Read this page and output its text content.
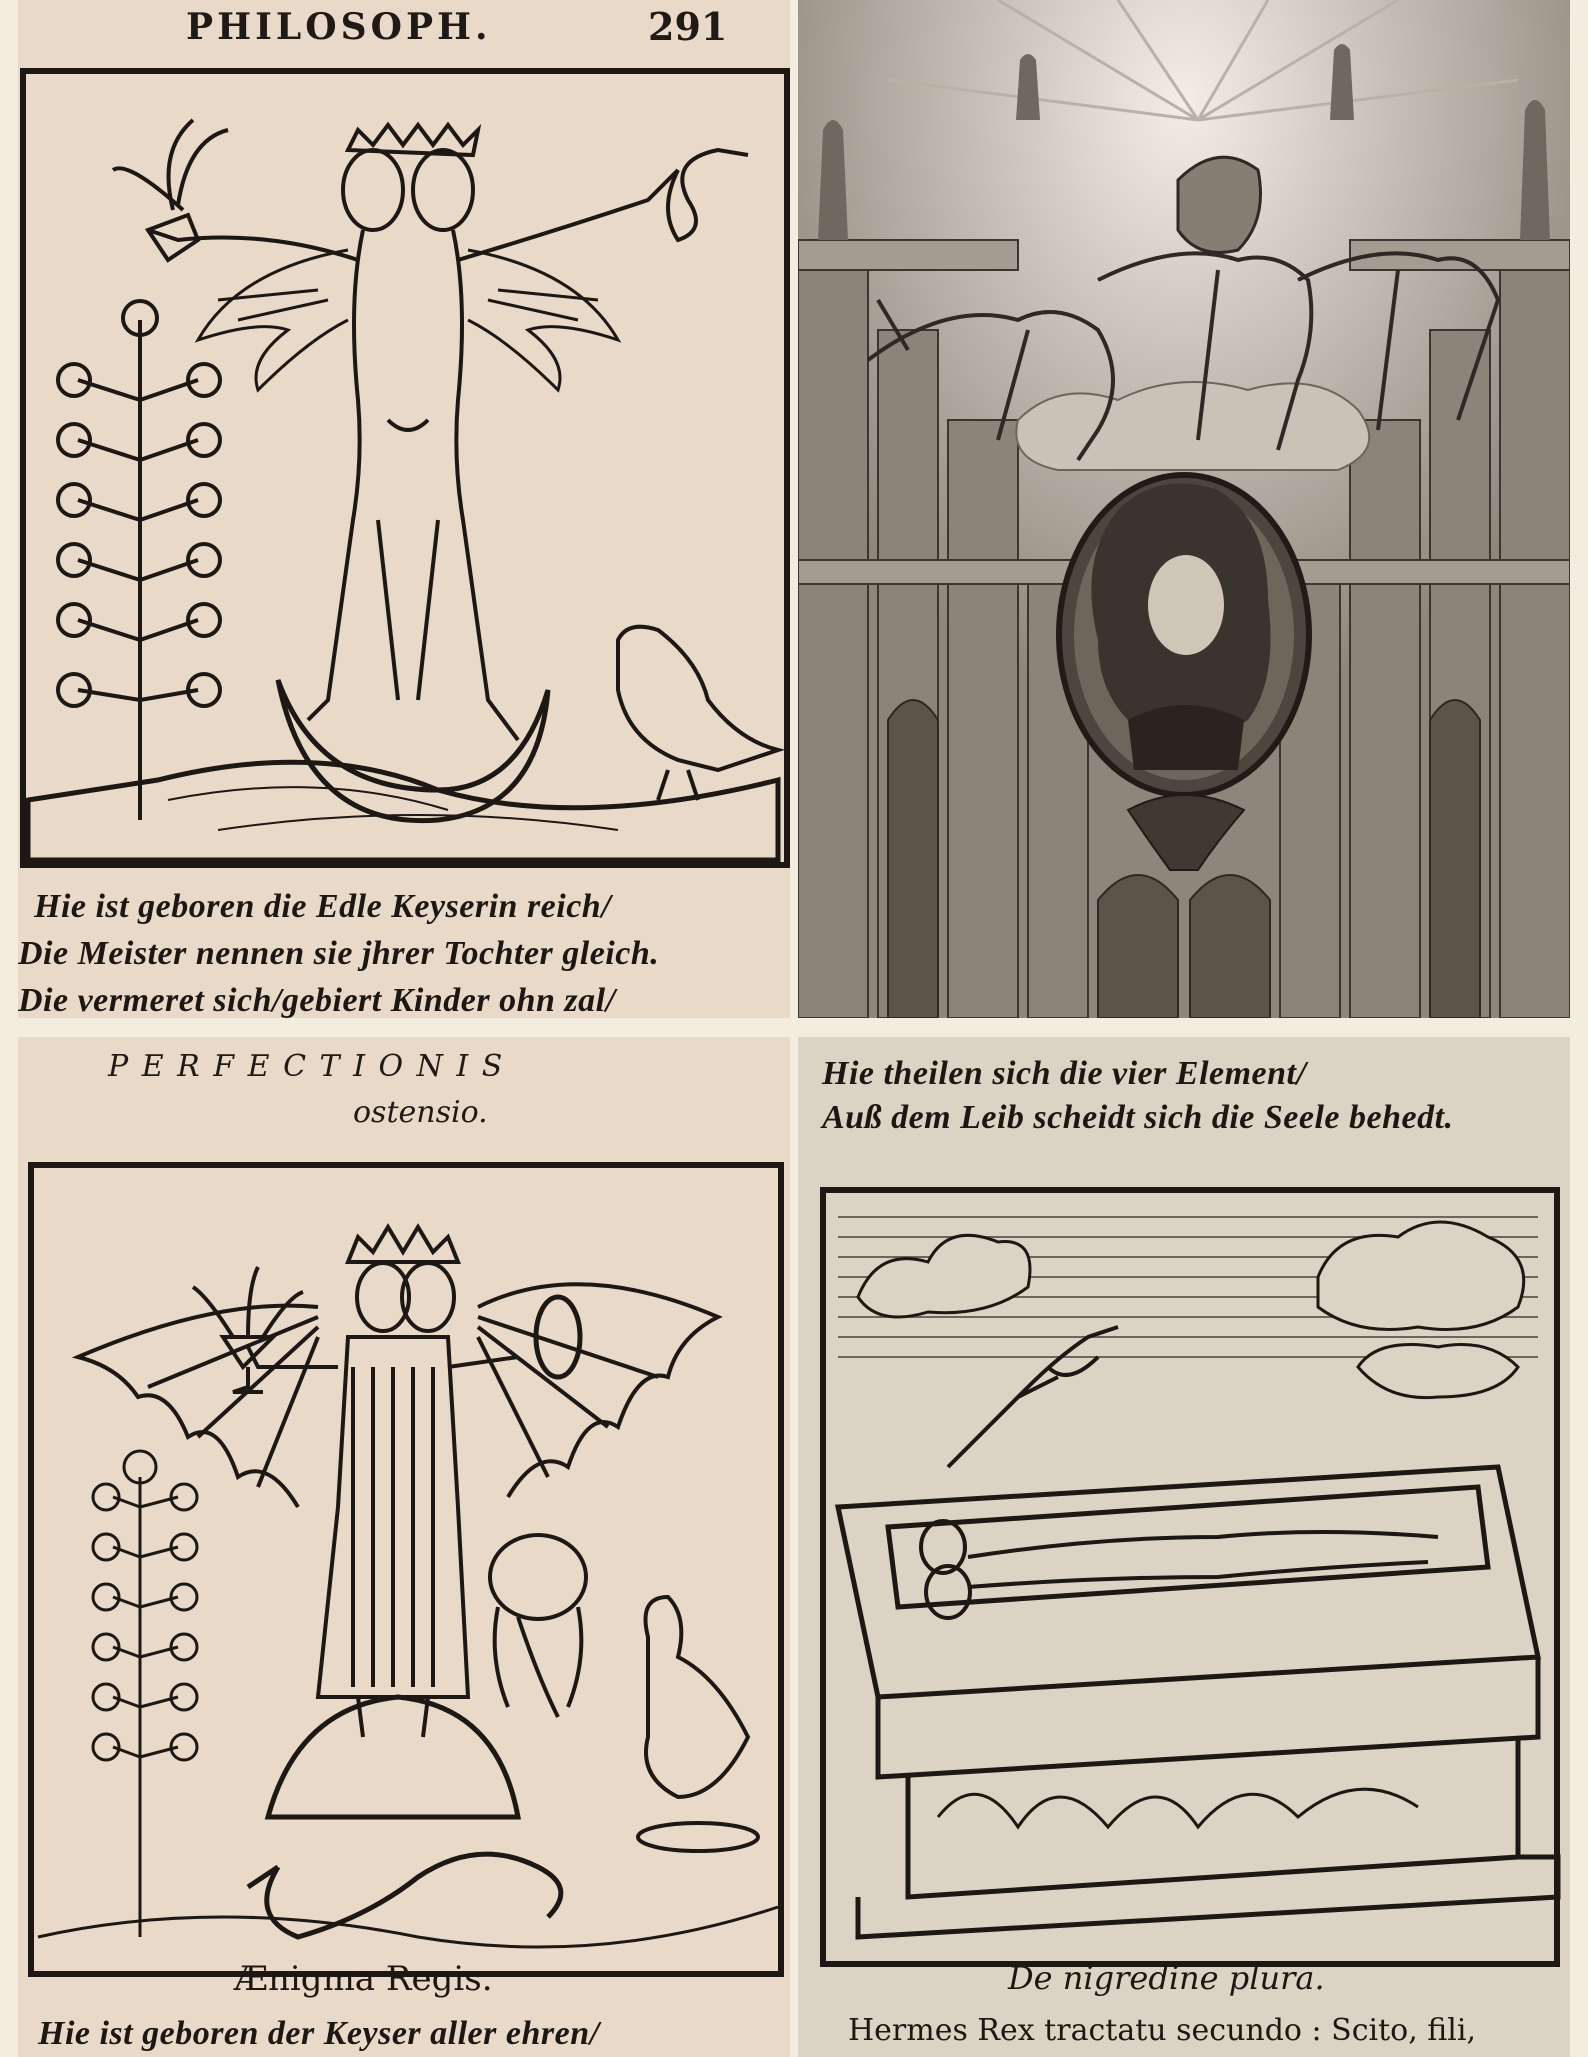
PHILOSOPH.	291
Hie ist geboren die Edle Keyserin reich/
Die Meister nennen sie jhrer Tochter gleich.
Die vermeret sich/gebiert Kinder ohn zal/
P E R F E C T I O N I S
ostensio.
Ænigma Regis.
Hie ist geboren der Keyser aller ehren/
Hie theilen sich die vier Element/
Auß dem Leib scheidt sich die Seele behedt.
De nigredine plura.
Hermes Rex tractatu secundo : Scito, fili,
